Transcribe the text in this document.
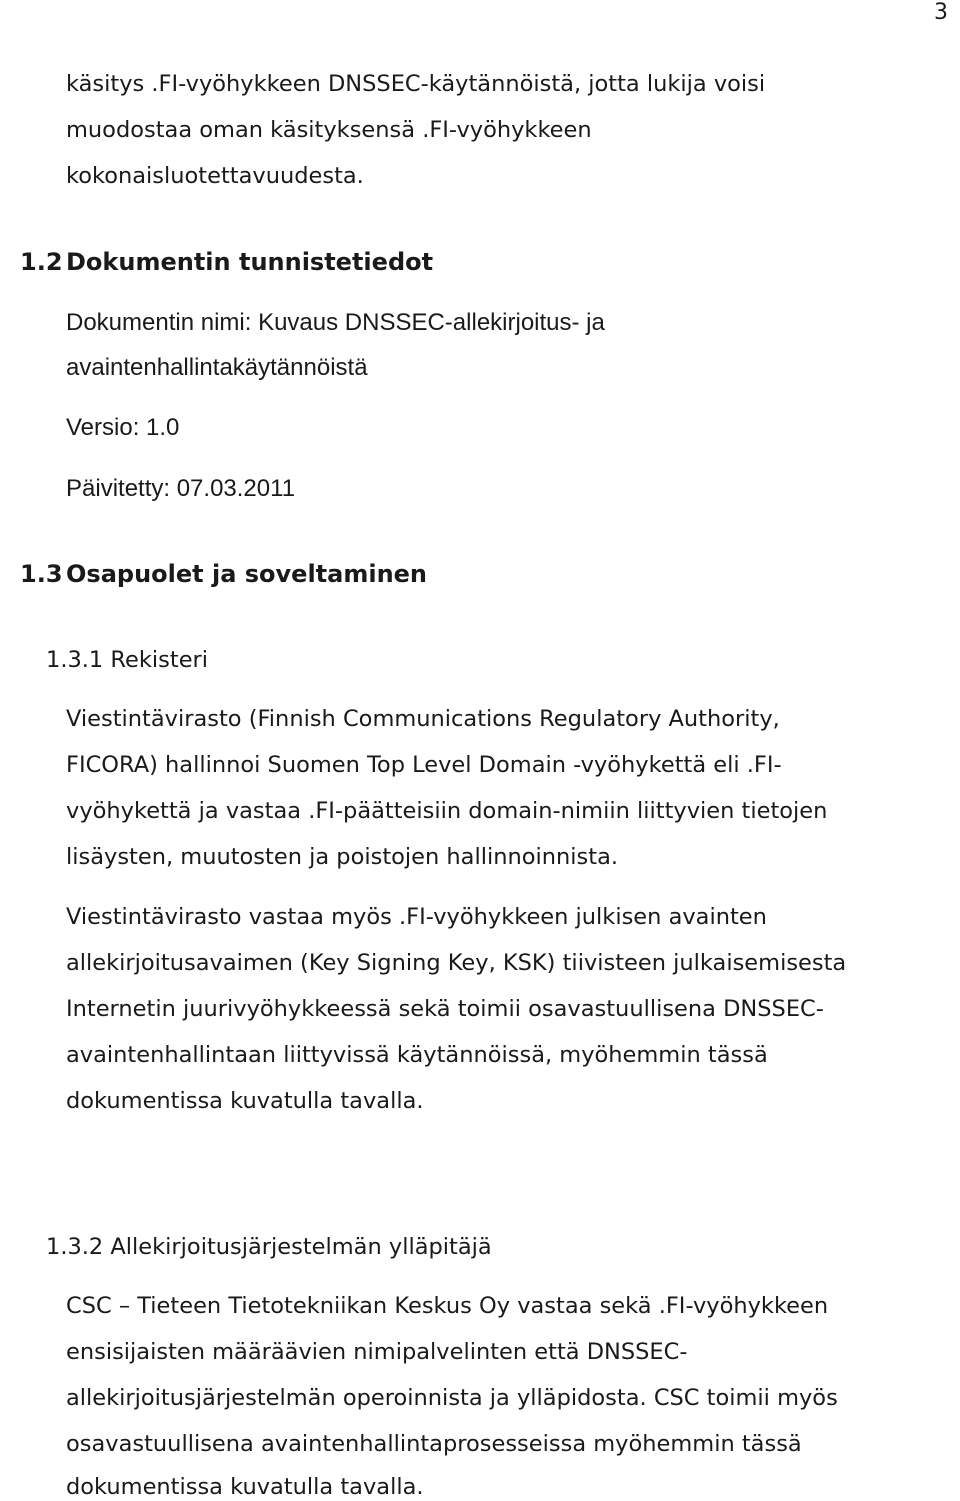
3
käsitys .FI-vyöhykkeen DNSSEC-käytännöistä, jotta lukija voisi
muodostaa oman käsityksensä .FI-vyöhykkeen
kokonaisluotettavuudesta.
1.2 Dokumentin tunnistetiedot
Dokumentin nimi: Kuvaus DNSSEC-allekirjoitus- ja
avaintenhallintakäytännöistä
Versio: 1.0
Päivitetty: 07.03.2011
1.3 Osapuolet ja soveltaminen
1.3.1 Rekisteri
Viestintävirasto (Finnish Communications Regulatory Authority,
FICORA) hallinnoi Suomen Top Level Domain -vyöhykettä eli .FI-
vyöhykettä ja vastaa .FI-päätteisiin domain-nimiin liittyvien tietojen
lisäysten, muutosten ja poistojen hallinnoinnista.
Viestintävirasto vastaa myös .FI-vyöhykkeen julkisen avainten
allekirjoitusavaimen (Key Signing Key, KSK) tiivisteen julkaisemisesta
Internetin juurivyöhykkeessä sekä toimii osavastuullisena DNSSEC-
avaintenhallintaan liittyvissä käytännöissä, myöhemmin tässä
dokumentissa kuvatulla tavalla.
1.3.2 Allekirjoitusjärjestelmän ylläpitäjä
CSC – Tieteen Tietotekniikan Keskus Oy vastaa sekä .FI-vyöhykkeen
ensisijaisten määräävien nimipalvelinten että DNSSEC-
allekirjoitusjärjestelmän operoinnista ja ylläpidosta. CSC toimii myös
osavastuullisena avaintenhallintaprosesseissa myöhemmin tässä
dokumentissa kuvatulla tavalla.
